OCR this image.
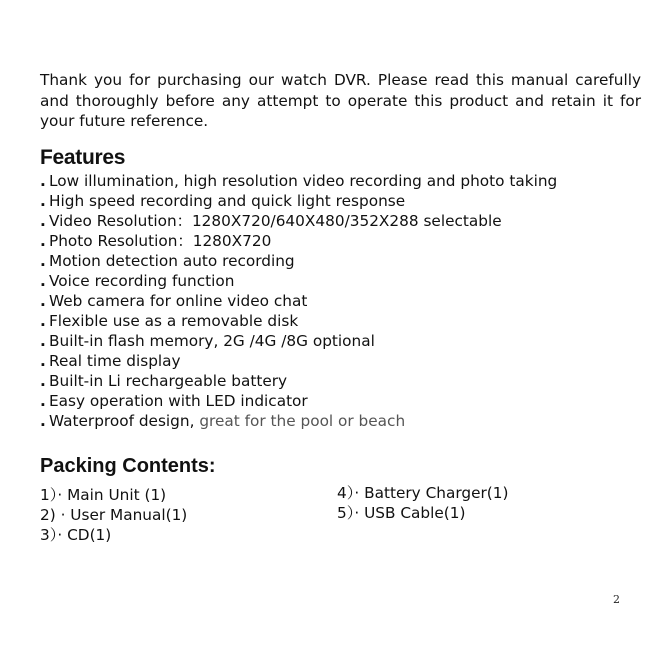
Thank you for purchasing our watch DVR. Please read this manual carefully and thoroughly before any attempt to operate this product and retain it for your future reference.

Features
. Low illumination, high resolution video recording and photo taking
. High speed recording and quick light response
. Video Resolution：1280X720/640X480/352X288 selectable
. Photo Resolution：1280X720
. Motion detection auto recording
. Voice recording function
. Web camera for online video chat
. Flexible use as a removable disk
. Built-in flash memory, 2G /4G /8G optional
. Real time display
. Built-in Li rechargeable battery
. Easy operation with LED indicator
. Waterproof design, great for the pool or beach
Packing Contents:
1）· Main Unit (1)
2) · User Manual(1)
3）· CD(1)
4）· Battery Charger(1)
5）· USB Cable(1)
2
